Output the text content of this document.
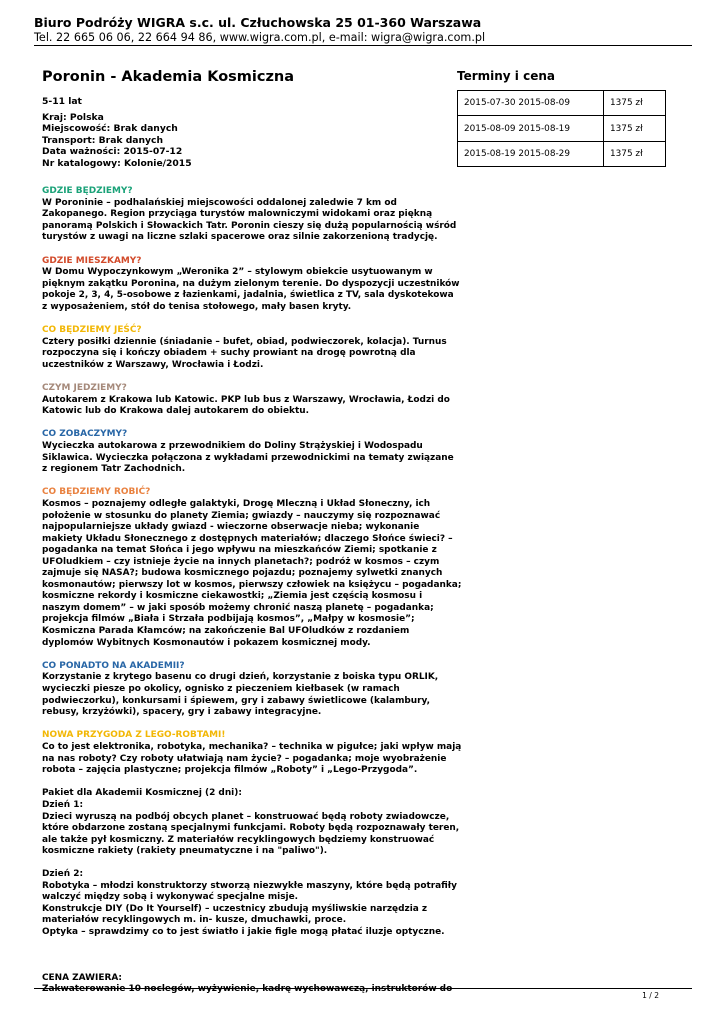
Biuro Podróży WIGRA s.c. ul. Człuchowska 25 01-360 Warszawa
Tel. 22 665 06 06, 22 664 94 86, www.wigra.com.pl, e-mail: wigra@wigra.com.pl
Poronin - Akademia Kosmiczna
5-11 lat
Kraj: Polska
Miejscowość: Brak danych
Transport: Brak danych
Data ważności: 2015-07-12
Nr katalogowy: Kolonie/2015
Terminy i cena
2015-07-30 2015-08-09	1375 zł
2015-08-09 2015-08-19	1375 zł
2015-08-19 2015-08-29	1375 zł
GDZIE BĘDZIEMY?
W Poroninie – podhalańskiej miejscowości oddalonej zaledwie 7 km od
Zakopanego. Region przyciąga turystów malowniczymi widokami oraz piękną
panoramą Polskich i Słowackich Tatr. Poronin cieszy się dużą popularnością wśród
turystów z uwagi na liczne szlaki spacerowe oraz silnie zakorzenioną tradycję.
GDZIE MIESZKAMY?
W Domu Wypoczynkowym „Weronika 2” – stylowym obiekcie usytuowanym w
pięknym zakątku Poronina, na dużym zielonym terenie. Do dyspozycji uczestników
pokoje 2, 3, 4, 5-osobowe z łazienkami, jadalnia, świetlica z TV, sala dyskotekowa
z wyposażeniem, stół do tenisa stołowego, mały basen kryty.
CO BĘDZIEMY JEŚĆ?
Cztery posiłki dziennie (śniadanie – bufet, obiad, podwieczorek, kolacja). Turnus
rozpoczyna się i kończy obiadem + suchy prowiant na drogę powrotną dla
uczestników z Warszawy, Wrocławia i Łodzi.
CZYM JEDZIEMY?
Autokarem z Krakowa lub Katowic. PKP lub bus z Warszawy, Wrocławia, Łodzi do
Katowic lub do Krakowa dalej autokarem do obiektu.
CO ZOBACZYMY?
Wycieczka autokarowa z przewodnikiem do Doliny Strążyskiej i Wodospadu
Siklawica. Wycieczka połączona z wykładami przewodnickimi na tematy związane
z regionem Tatr Zachodnich.
CO BĘDZIEMY ROBIĆ?
Kosmos – poznajemy odległe galaktyki, Drogę Mleczną i Układ Słoneczny, ich
położenie w stosunku do planety Ziemia; gwiazdy – nauczymy się rozpoznawać
najpopularniejsze układy gwiazd - wieczorne obserwacje nieba; wykonanie
makiety Układu Słonecznego z dostępnych materiałów; dlaczego Słońce świeci? –
pogadanka na temat Słońca i jego wpływu na mieszkańców Ziemi; spotkanie z
UFOludkiem – czy istnieje życie na innych planetach?; podróż w kosmos – czym
zajmuje się NASA?; budowa kosmicznego pojazdu; poznajemy sylwetki znanych
kosmonautów; pierwszy lot w kosmos, pierwszy człowiek na księżycu – pogadanka;
kosmiczne rekordy i kosmiczne ciekawostki; „Ziemia jest częścią kosmosu i
naszym domem” – w jaki sposób możemy chronić naszą planetę – pogadanka;
projekcja filmów „Biała i Strzała podbijają kosmos”, „Małpy w kosmosie”;
Kosmiczna Parada Kłamców; na zakończenie Bal UFOludków z rozdaniem
dyplomów Wybitnych Kosmonautów i pokazem kosmicznej mody.
CO PONADTO NA AKADEMII?
Korzystanie z krytego basenu co drugi dzień, korzystanie z boiska typu ORLIK,
wycieczki piesze po okolicy, ognisko z pieczeniem kiełbasek (w ramach
podwieczorku), konkursami i śpiewem, gry i zabawy świetlicowe (kalambury,
rebusy, krzyżówki), spacery, gry i zabawy integracyjne.
NOWA PRZYGODA Z LEGO-ROBTAMI!
Co to jest elektronika, robotyka, mechanika? – technika w pigułce; jaki wpływ mają
na nas roboty? Czy roboty ułatwiają nam życie? – pogadanka; moje wyobrażenie
robota – zajęcia plastyczne; projekcja filmów „Roboty” i „Lego-Przygoda”.
Pakiet dla Akademii Kosmicznej (2 dni):
Dzień 1:
Dzieci wyruszą na podbój obcych planet – konstruować będą roboty zwiadowcze,
które obdarzone zostaną specjalnymi funkcjami. Roboty będą rozpoznawały teren,
ale także pył kosmiczny. Z materiałów recyklingowych będziemy konstruować
kosmiczne rakiety (rakiety pneumatyczne i na "paliwo").
Dzień 2:
Robotyka – młodzi konstruktorzy stworzą niezwykłe maszyny, które będą potrafiły
walczyć między sobą i wykonywać specjalne misje.
Konstrukcje DIY (Do It Yourself) – uczestnicy zbudują myśliwskie narzędzia z
materiałów recyklingowych m. in- kusze, dmuchawki, proce.
Optyka – sprawdzimy co to jest światło i jakie figle mogą płatać iluzje optyczne.
CENA ZAWIERA:
Zakwaterowanie 10 noclegów, wyżywienie, kadrę wychowawczą, instruktorów do
1 / 2
